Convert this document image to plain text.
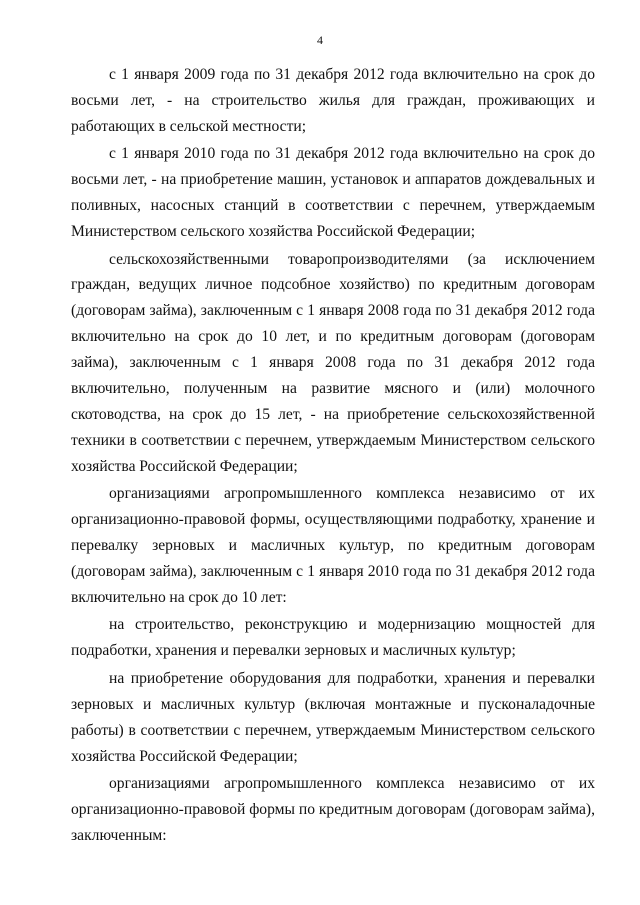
4

с 1 января 2009 года по 31 декабря 2012 года включительно на срок до восьми лет, - на строительство жилья для граждан, проживающих и работающих в сельской местности;

с 1 января 2010 года по 31 декабря 2012 года включительно на срок до восьми лет, - на приобретение машин, установок и аппаратов дождевальных и поливных, насосных станций в соответствии с перечнем, утверждаемым Министерством сельского хозяйства Российской Федерации;

сельскохозяйственными товаропроизводителями (за исключением граждан, ведущих личное подсобное хозяйство) по кредитным договорам (договорам займа), заключенным с 1 января 2008 года по 31 декабря 2012 года включительно на срок до 10 лет, и по кредитным договорам (договорам займа), заключенным с 1 января 2008 года по 31 декабря 2012 года включительно, полученным на развитие мясного и (или) молочного скотоводства, на срок до 15 лет, - на приобретение сельскохозяйственной техники в соответствии с перечнем, утверждаемым Министерством сельского хозяйства Российской Федерации;

организациями агропромышленного комплекса независимо от их организационно-правовой формы, осуществляющими подработку, хранение и перевалку зерновых и масличных культур, по кредитным договорам (договорам займа), заключенным с 1 января 2010 года по 31 декабря 2012 года включительно на срок до 10 лет:

на строительство, реконструкцию и модернизацию мощностей для подработки, хранения и перевалки зерновых и масличных культур;

на приобретение оборудования для подработки, хранения и перевалки зерновых и масличных культур (включая монтажные и пусконаладочные работы) в соответствии с перечнем, утверждаемым Министерством сельского хозяйства Российской Федерации;

организациями агропромышленного комплекса независимо от их организационно-правовой формы по кредитным договорам (договорам займа), заключенным:
